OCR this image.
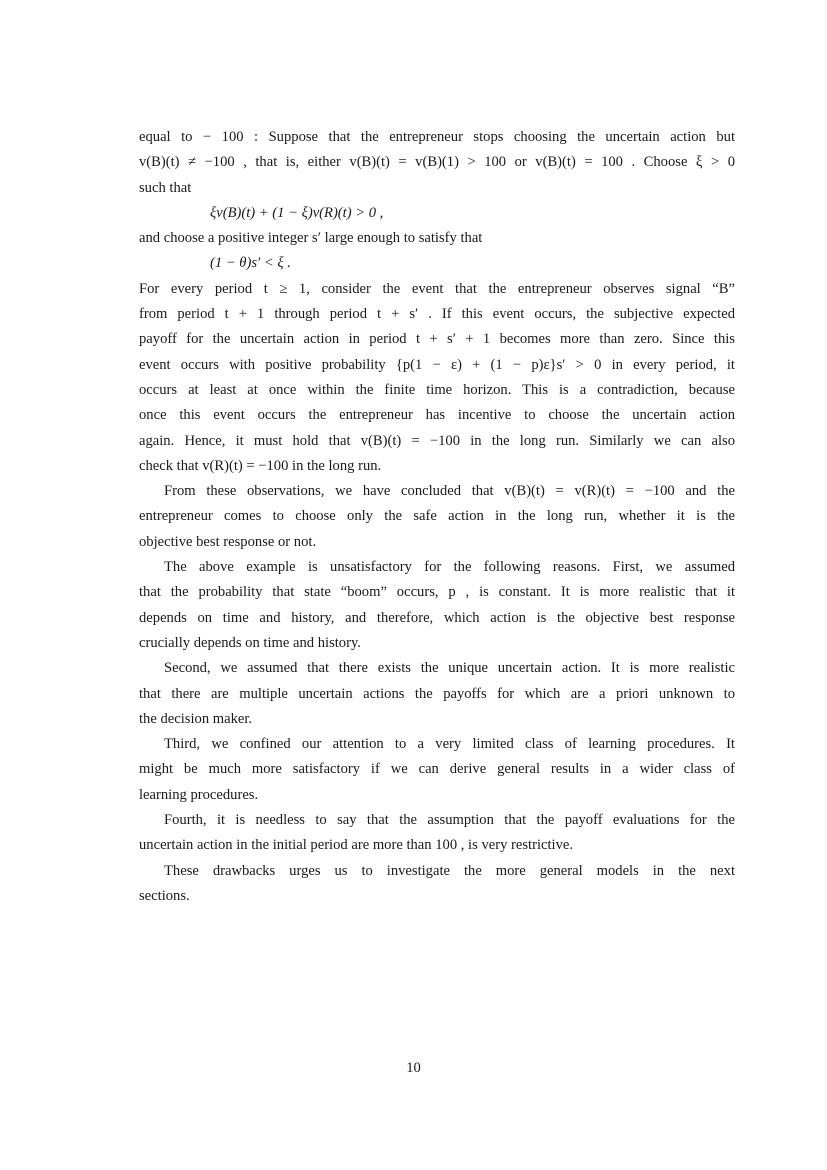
equal to − 100 : Suppose that the entrepreneur stops choosing the uncertain action but
v(B)(t) ≠ −100 , that is, either v(B)(t) = v(B)(1) > 100 or v(B)(t) = 100 . Choose ξ > 0
such that
ξv(B)(t) + (1 − ξ)v(R)(t) > 0 ,
and choose a positive integer s′ large enough to satisfy that
(1 − θ)s′ < ξ .
For every period t ≥ 1, consider the event that the entrepreneur observes signal “B”
from period t + 1 through period t + s′ . If this event occurs, the subjective expected
payoff for the uncertain action in period t + s′ + 1 becomes more than zero. Since this
event occurs with positive probability {p(1 − ε) + (1 − p)ε}s′ > 0 in every period, it
occurs at least at once within the finite time horizon. This is a contradiction, because
once this event occurs the entrepreneur has incentive to choose the uncertain action
again. Hence, it must hold that v(B)(t) = −100 in the long run. Similarly we can also
check that v(R)(t) = −100 in the long run.
From these observations, we have concluded that v(B)(t) = v(R)(t) = −100 and the
entrepreneur comes to choose only the safe action in the long run, whether it is the
objective best response or not.
The above example is unsatisfactory for the following reasons. First, we assumed
that the probability that state “boom” occurs, p , is constant. It is more realistic that it
depends on time and history, and therefore, which action is the objective best response
crucially depends on time and history.
Second, we assumed that there exists the unique uncertain action. It is more realistic
that there are multiple uncertain actions the payoffs for which are a priori unknown to
the decision maker.
Third, we confined our attention to a very limited class of learning procedures. It
might be much more satisfactory if we can derive general results in a wider class of
learning procedures.
Fourth, it is needless to say that the assumption that the payoff evaluations for the
uncertain action in the initial period are more than 100 , is very restrictive.
These drawbacks urges us to investigate the more general models in the next
sections.
10
